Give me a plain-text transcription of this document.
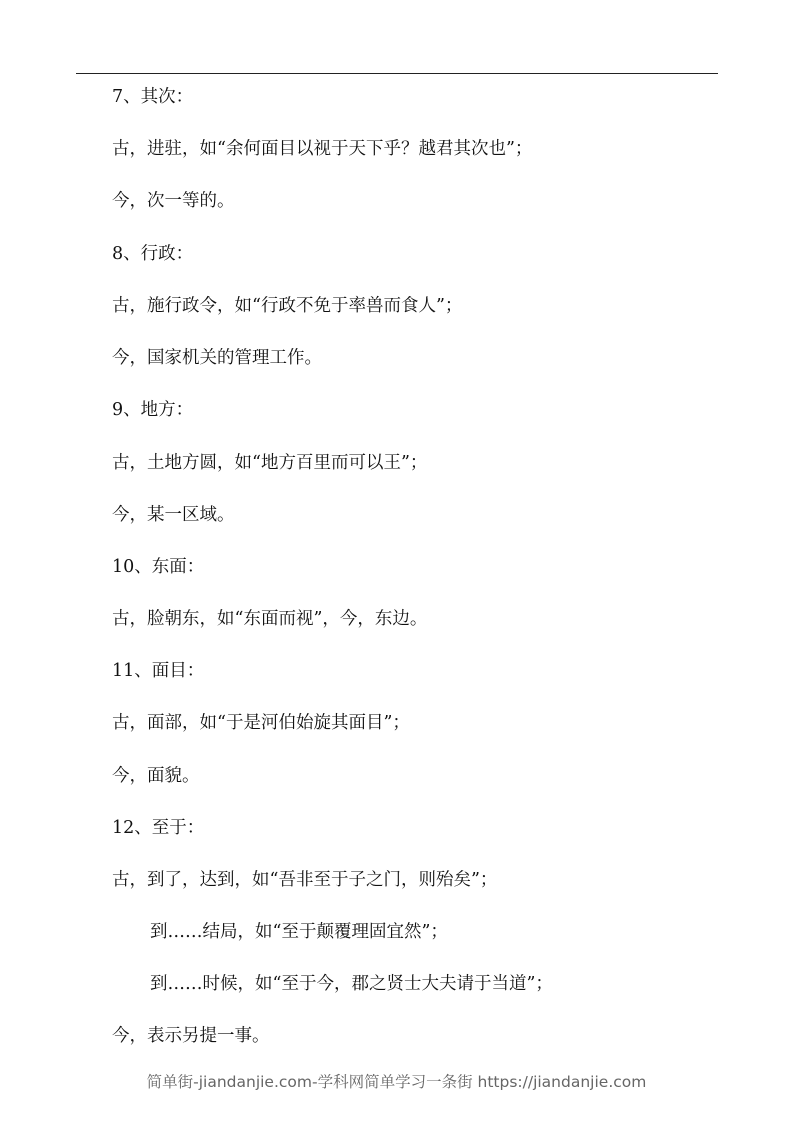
7、其次：
古，进驻，如“余何面目以视于天下乎？越君其次也”；
今，次一等的。
8、行政：
古，施行政令，如“行政不免于率兽而食人”；
今，国家机关的管理工作。
9、地方：
古，土地方圆，如“地方百里而可以王”；
今，某一区域。
10、东面：
古，脸朝东，如“东面而视”，今，东边。
11、面目：
古，面部，如“于是河伯始旋其面目”；
今，面貌。
12、至于：
古，到了，达到，如“吾非至于子之门，则殆矣”；
到……结局，如“至于颠覆理固宜然”；
到……时候，如“至于今，郡之贤士大夫请于当道”；
今，表示另提一事。
简单街-jiandanjie.com-学科网简单学习一条街 https://jiandanjie.com
